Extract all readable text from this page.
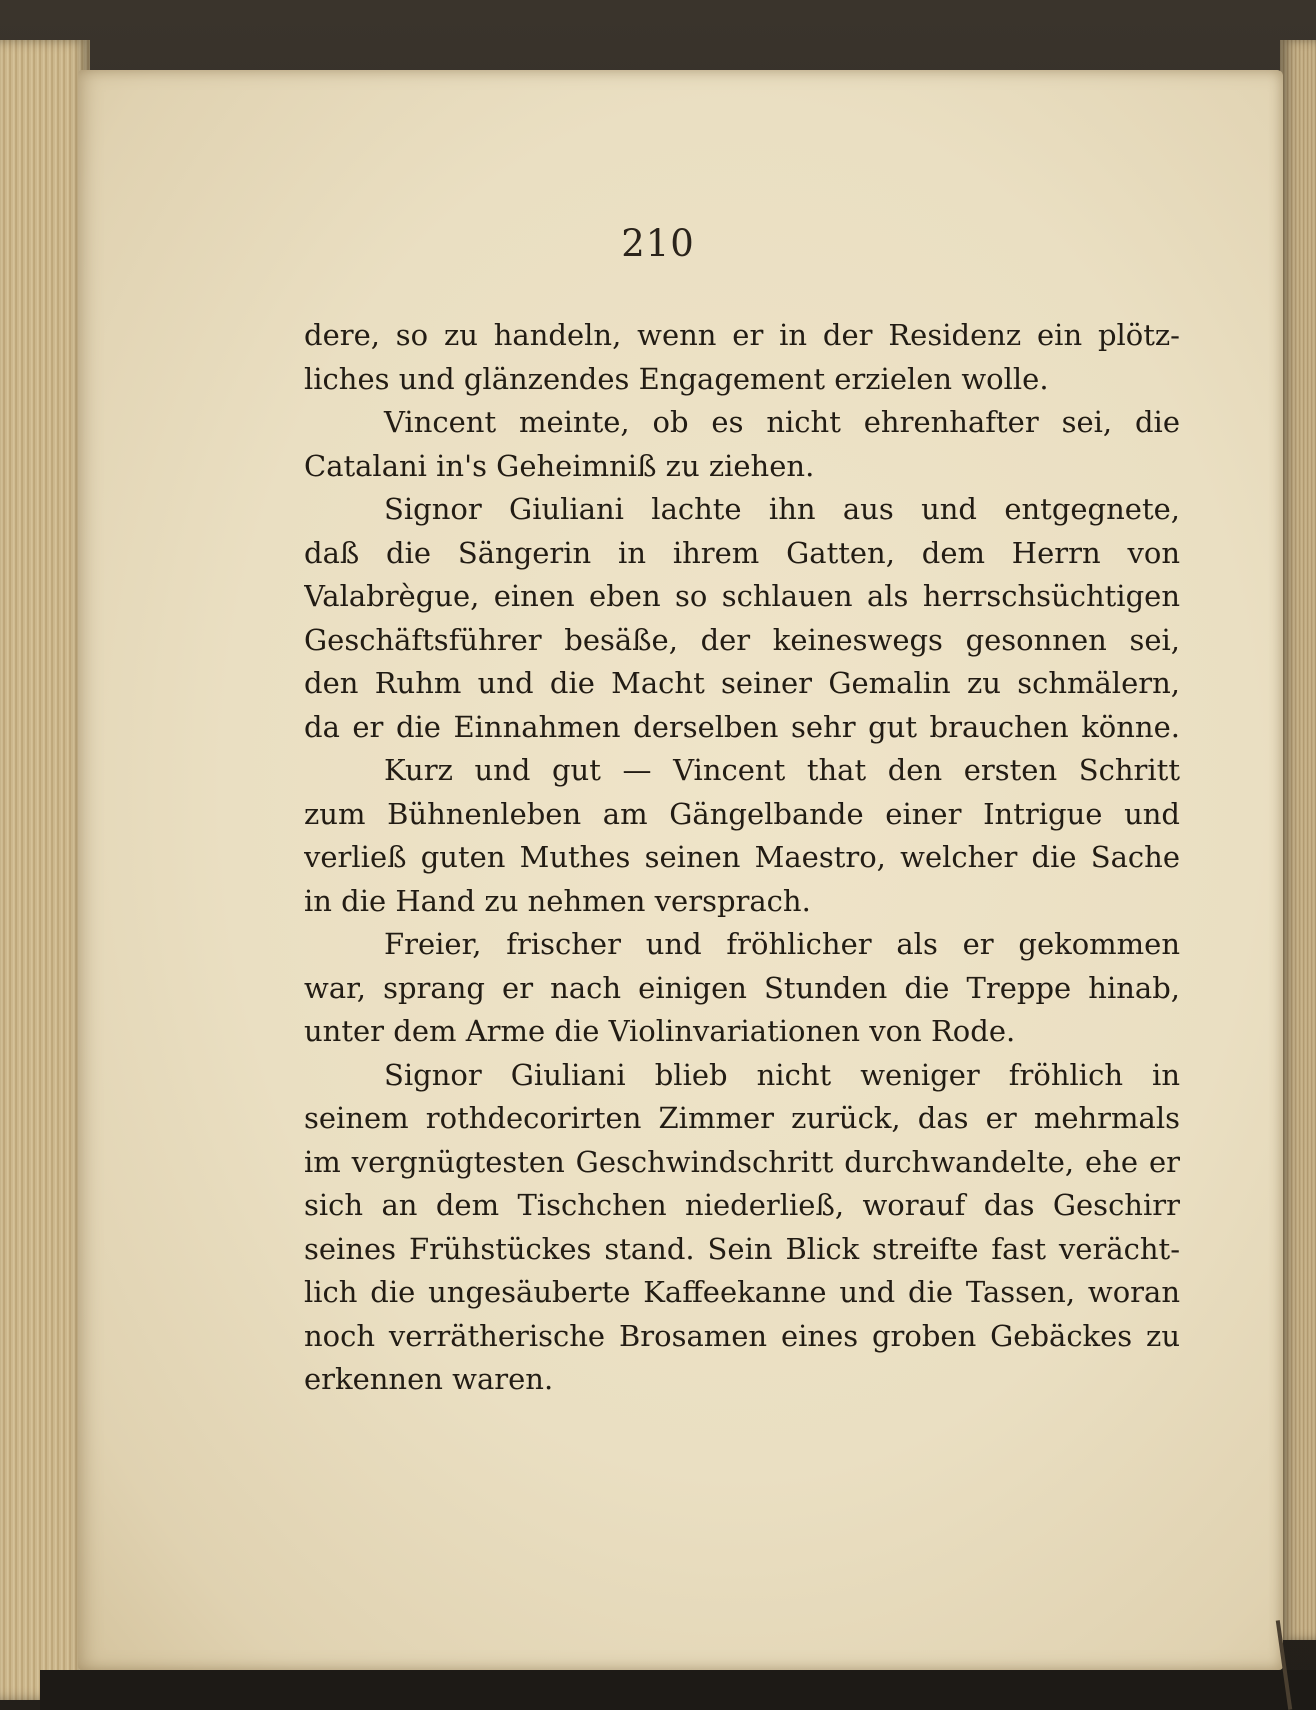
210

dere, so zu handeln, wenn er in der Residenz ein plötz-
liches und glänzendes Engagement erzielen wolle.
Vincent meinte, ob es nicht ehrenhafter sei, die
Catalani in's Geheimniß zu ziehen.
Signor Giuliani lachte ihn aus und entgegnete,
daß die Sängerin in ihrem Gatten, dem Herrn von
Valabrègue, einen eben so schlauen als herrschsüchtigen
Geschäftsführer besäße, der keineswegs gesonnen sei,
den Ruhm und die Macht seiner Gemalin zu schmälern,
da er die Einnahmen derselben sehr gut brauchen könne.
Kurz und gut — Vincent that den ersten Schritt
zum Bühnenleben am Gängelbande einer Intrigue und
verließ guten Muthes seinen Maestro, welcher die Sache
in die Hand zu nehmen versprach.
Freier, frischer und fröhlicher als er gekommen
war, sprang er nach einigen Stunden die Treppe hinab,
unter dem Arme die Violinvariationen von Rode.
Signor Giuliani blieb nicht weniger fröhlich in
seinem rothdecorirten Zimmer zurück, das er mehrmals
im vergnügtesten Geschwindschritt durchwandelte, ehe er
sich an dem Tischchen niederließ, worauf das Geschirr
seines Frühstückes stand. Sein Blick streifte fast verächt-
lich die ungesäuberte Kaffeekanne und die Tassen, woran
noch verrätherische Brosamen eines groben Gebäckes zu
erkennen waren.
